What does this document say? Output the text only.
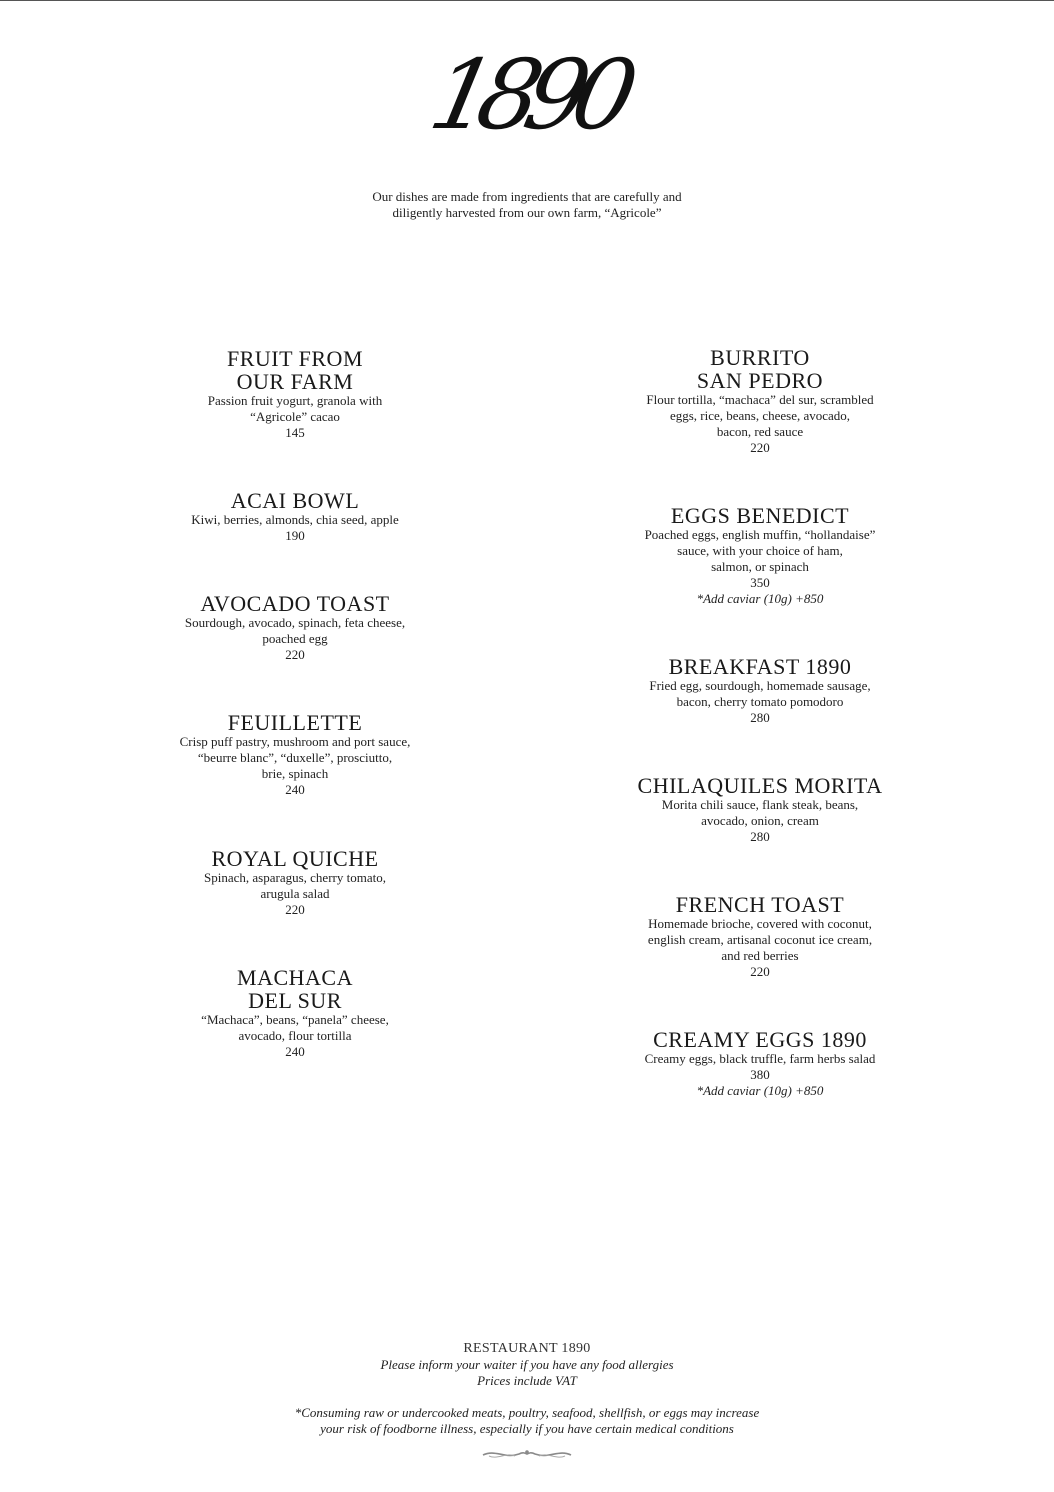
1890
Our dishes are made from ingredients that are carefully and
diligently harvested from our own farm, “Agricole”
FRUIT FROM
OUR FARM
Passion fruit yogurt, granola with
“Agricole” cacao
145
ACAI BOWL
Kiwi, berries, almonds, chia seed, apple
190
AVOCADO TOAST
Sourdough, avocado, spinach, feta cheese,
poached egg
220
FEUILLETTE
Crisp puff pastry, mushroom and port sauce,
“beurre blanc”, “duxelle”, prosciutto,
brie, spinach
240
ROYAL QUICHE
Spinach, asparagus, cherry tomato,
arugula salad
220
MACHACA
DEL SUR
“Machaca”, beans, “panela” cheese,
avocado, flour tortilla
240
BURRITO
SAN PEDRO
Flour tortilla, “machaca” del sur, scrambled
eggs, rice, beans, cheese, avocado,
bacon, red sauce
220
EGGS BENEDICT
Poached eggs, english muffin, “hollandaise”
sauce, with your choice of ham,
salmon, or spinach
350
*Add caviar (10g) +850
BREAKFAST 1890
Fried egg, sourdough, homemade sausage,
bacon, cherry tomato pomodoro
280
CHILAQUILES MORITA
Morita chili sauce, flank steak, beans,
avocado, onion, cream
280
FRENCH TOAST
Homemade brioche, covered with coconut,
english cream, artisanal coconut ice cream,
and red berries
220
CREAMY EGGS 1890
Creamy eggs, black truffle, farm herbs salad
380
*Add caviar (10g) +850
RESTAURANT 1890
Please inform your waiter if you have any food allergies
Prices include VAT
*Consuming raw or undercooked meats, poultry, seafood, shellfish, or eggs may increase
your risk of foodborne illness, especially if you have certain medical conditions
